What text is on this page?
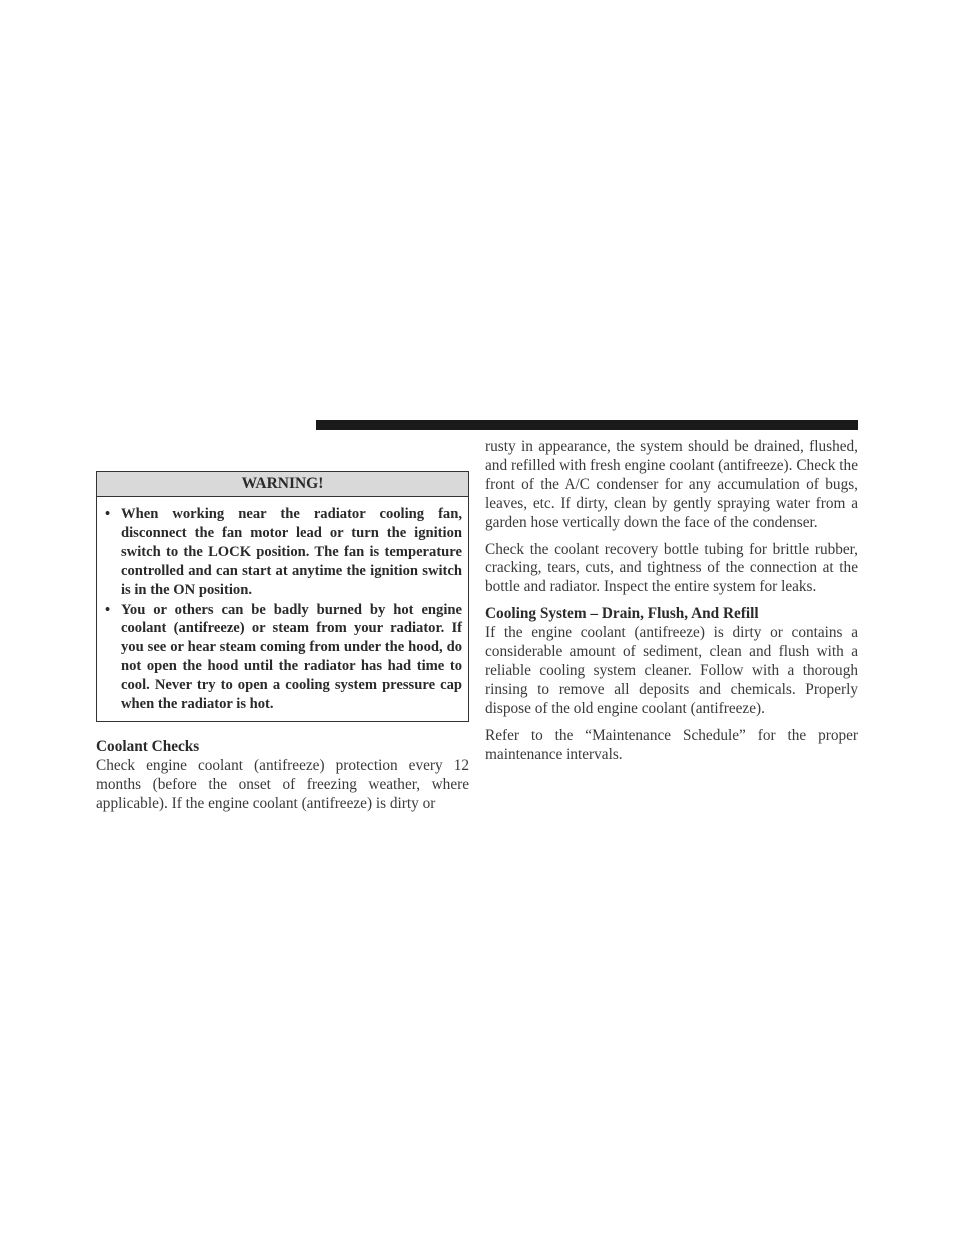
WARNING!
• When working near the radiator cooling fan, disconnect the fan motor lead or turn the ignition switch to the LOCK position. The fan is temperature controlled and can start at anytime the ignition switch is in the ON position.
• You or others can be badly burned by hot engine coolant (antifreeze) or steam from your radiator. If you see or hear steam coming from under the hood, do not open the hood until the radiator has had time to cool. Never try to open a cooling system pressure cap when the radiator is hot.
Coolant Checks

Check engine coolant (antifreeze) protection every 12 months (before the onset of freezing weather, where applicable). If the engine coolant (antifreeze) is dirty or

rusty in appearance, the system should be drained, flushed, and refilled with fresh engine coolant (antifreeze). Check the front of the A/C condenser for any accumulation of bugs, leaves, etc. If dirty, clean by gently spraying water from a garden hose vertically down the face of the condenser.

Check the coolant recovery bottle tubing for brittle rubber, cracking, tears, cuts, and tightness of the connection at the bottle and radiator. Inspect the entire system for leaks.

Cooling System – Drain, Flush, And Refill

If the engine coolant (antifreeze) is dirty or contains a considerable amount of sediment, clean and flush with a reliable cooling system cleaner. Follow with a thorough rinsing to remove all deposits and chemicals. Properly dispose of the old engine coolant (antifreeze).

Refer to the “Maintenance Schedule” for the proper maintenance intervals.
